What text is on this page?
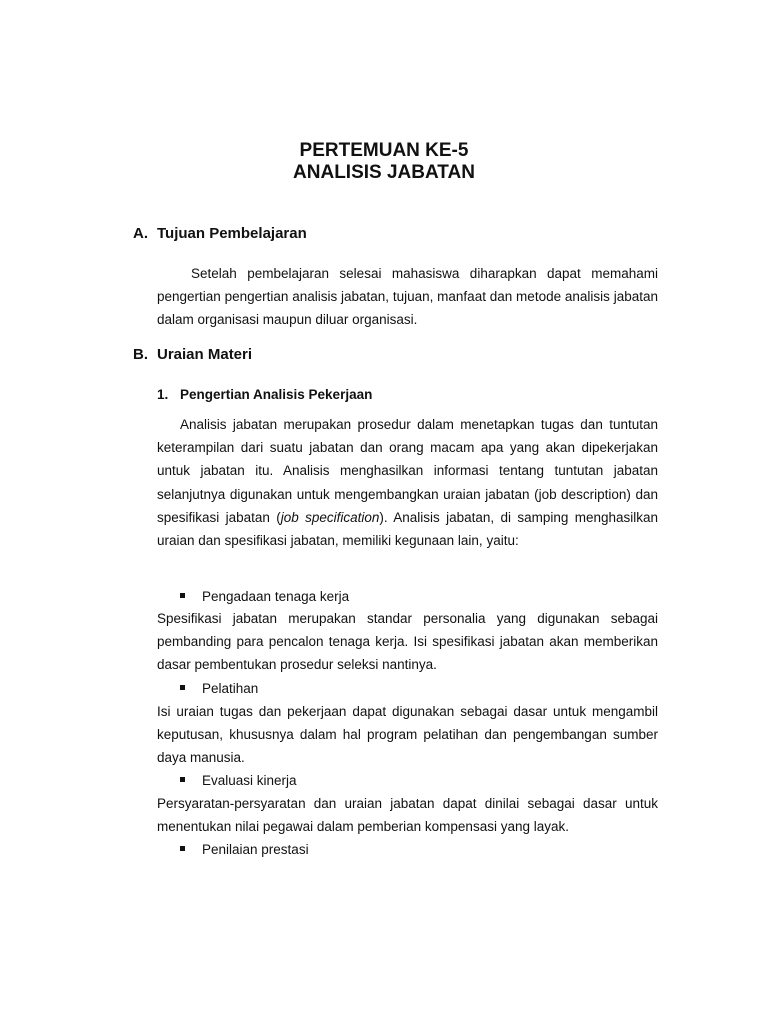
PERTEMUAN KE-5
ANALISIS JABATAN
A. Tujuan Pembelajaran
Setelah pembelajaran selesai mahasiswa diharapkan dapat memahami pengertian pengertian analisis jabatan, tujuan, manfaat dan metode analisis jabatan dalam organisasi maupun diluar organisasi.
B. Uraian Materi
1. Pengertian Analisis Pekerjaan
Analisis jabatan merupakan prosedur dalam menetapkan tugas dan tuntutan keterampilan dari suatu jabatan dan orang macam apa yang akan dipekerjakan untuk jabatan itu. Analisis menghasilkan informasi tentang tuntutan jabatan selanjutnya digunakan untuk mengembangkan uraian jabatan (job description) dan spesifikasi jabatan (job specification). Analisis jabatan, di samping menghasilkan uraian dan spesifikasi jabatan, memiliki kegunaan lain, yaitu:
Pengadaan tenaga kerja
Spesifikasi jabatan merupakan standar personalia yang digunakan sebagai pembanding para pencalon tenaga kerja. Isi spesifikasi jabatan akan memberikan dasar pembentukan prosedur seleksi nantinya.
Pelatihan
Isi uraian tugas dan pekerjaan dapat digunakan sebagai dasar untuk mengambil keputusan, khususnya dalam hal program pelatihan dan pengembangan sumber daya manusia.
Evaluasi kinerja
Persyaratan-persyaratan dan uraian jabatan dapat dinilai sebagai dasar untuk menentukan nilai pegawai dalam pemberian kompensasi yang layak.
Penilaian prestasi
